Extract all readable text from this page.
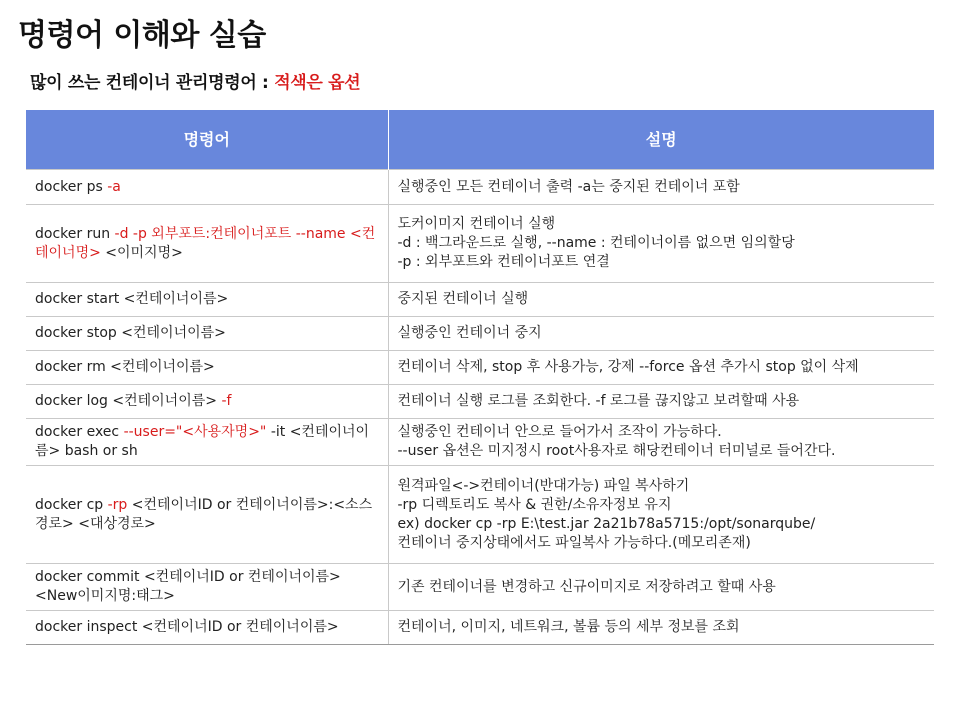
명령어 이해와 실습
많이 쓰는 컨테이너 관리명령어 : 적색은 옵션
명령어	설명
docker ps -a	실행중인 모든 컨테이너 출력 -a는 중지된 컨테이너 포함

docker run -d -p 외부포트:컨테이너포트 --name <컨테이너명> <이미지명>	도커이미지 컨테이너 실행
-d : 백그라운드로 실행, --name : 컨테이너이름 없으면 임의할당
-p : 외부포트와 컨테이너포트 연결

docker start <컨테이너이름>	중지된 컨테이너 실행

docker stop <컨테이너이름>	실행중인 컨테이너 중지

docker rm <컨테이너이름>	컨테이너 삭제, stop 후 사용가능, 강제 --force 옵션 추가시 stop 없이 삭제

docker log <컨테이너이름> -f	컨테이너 실행 로그를 조회한다. -f 로그를 끊지않고 보려할때 사용

docker exec --user="<사용자명>" -it <컨테이너이름> bash or sh	실행중인 컨테이너 안으로 들어가서 조작이 가능하다.
--user 옵션은 미지정시 root사용자로 해당컨테이너 터미널로 들어간다.

docker cp -rp <컨테이너ID or 컨테이너이름>:<소스경로> <대상경로>	원격파일<->컨테이너(반대가능) 파일 복사하기
-rp 디렉토리도 복사 & 권한/소유자정보 유지
ex) docker cp -rp E:\test.jar 2a21b78a5715:/opt/sonarqube/
컨테이너 중지상태에서도 파일복사 가능하다.(메모리존재)

docker commit <컨테이너ID or 컨테이너이름> <New이미지명:태그>	기존 컨테이너를 변경하고 신규이미지로 저장하려고 할때 사용

docker inspect <컨테이너ID or 컨테이너이름>	컨테이너, 이미지, 네트워크, 볼륨 등의 세부 정보를 조회
